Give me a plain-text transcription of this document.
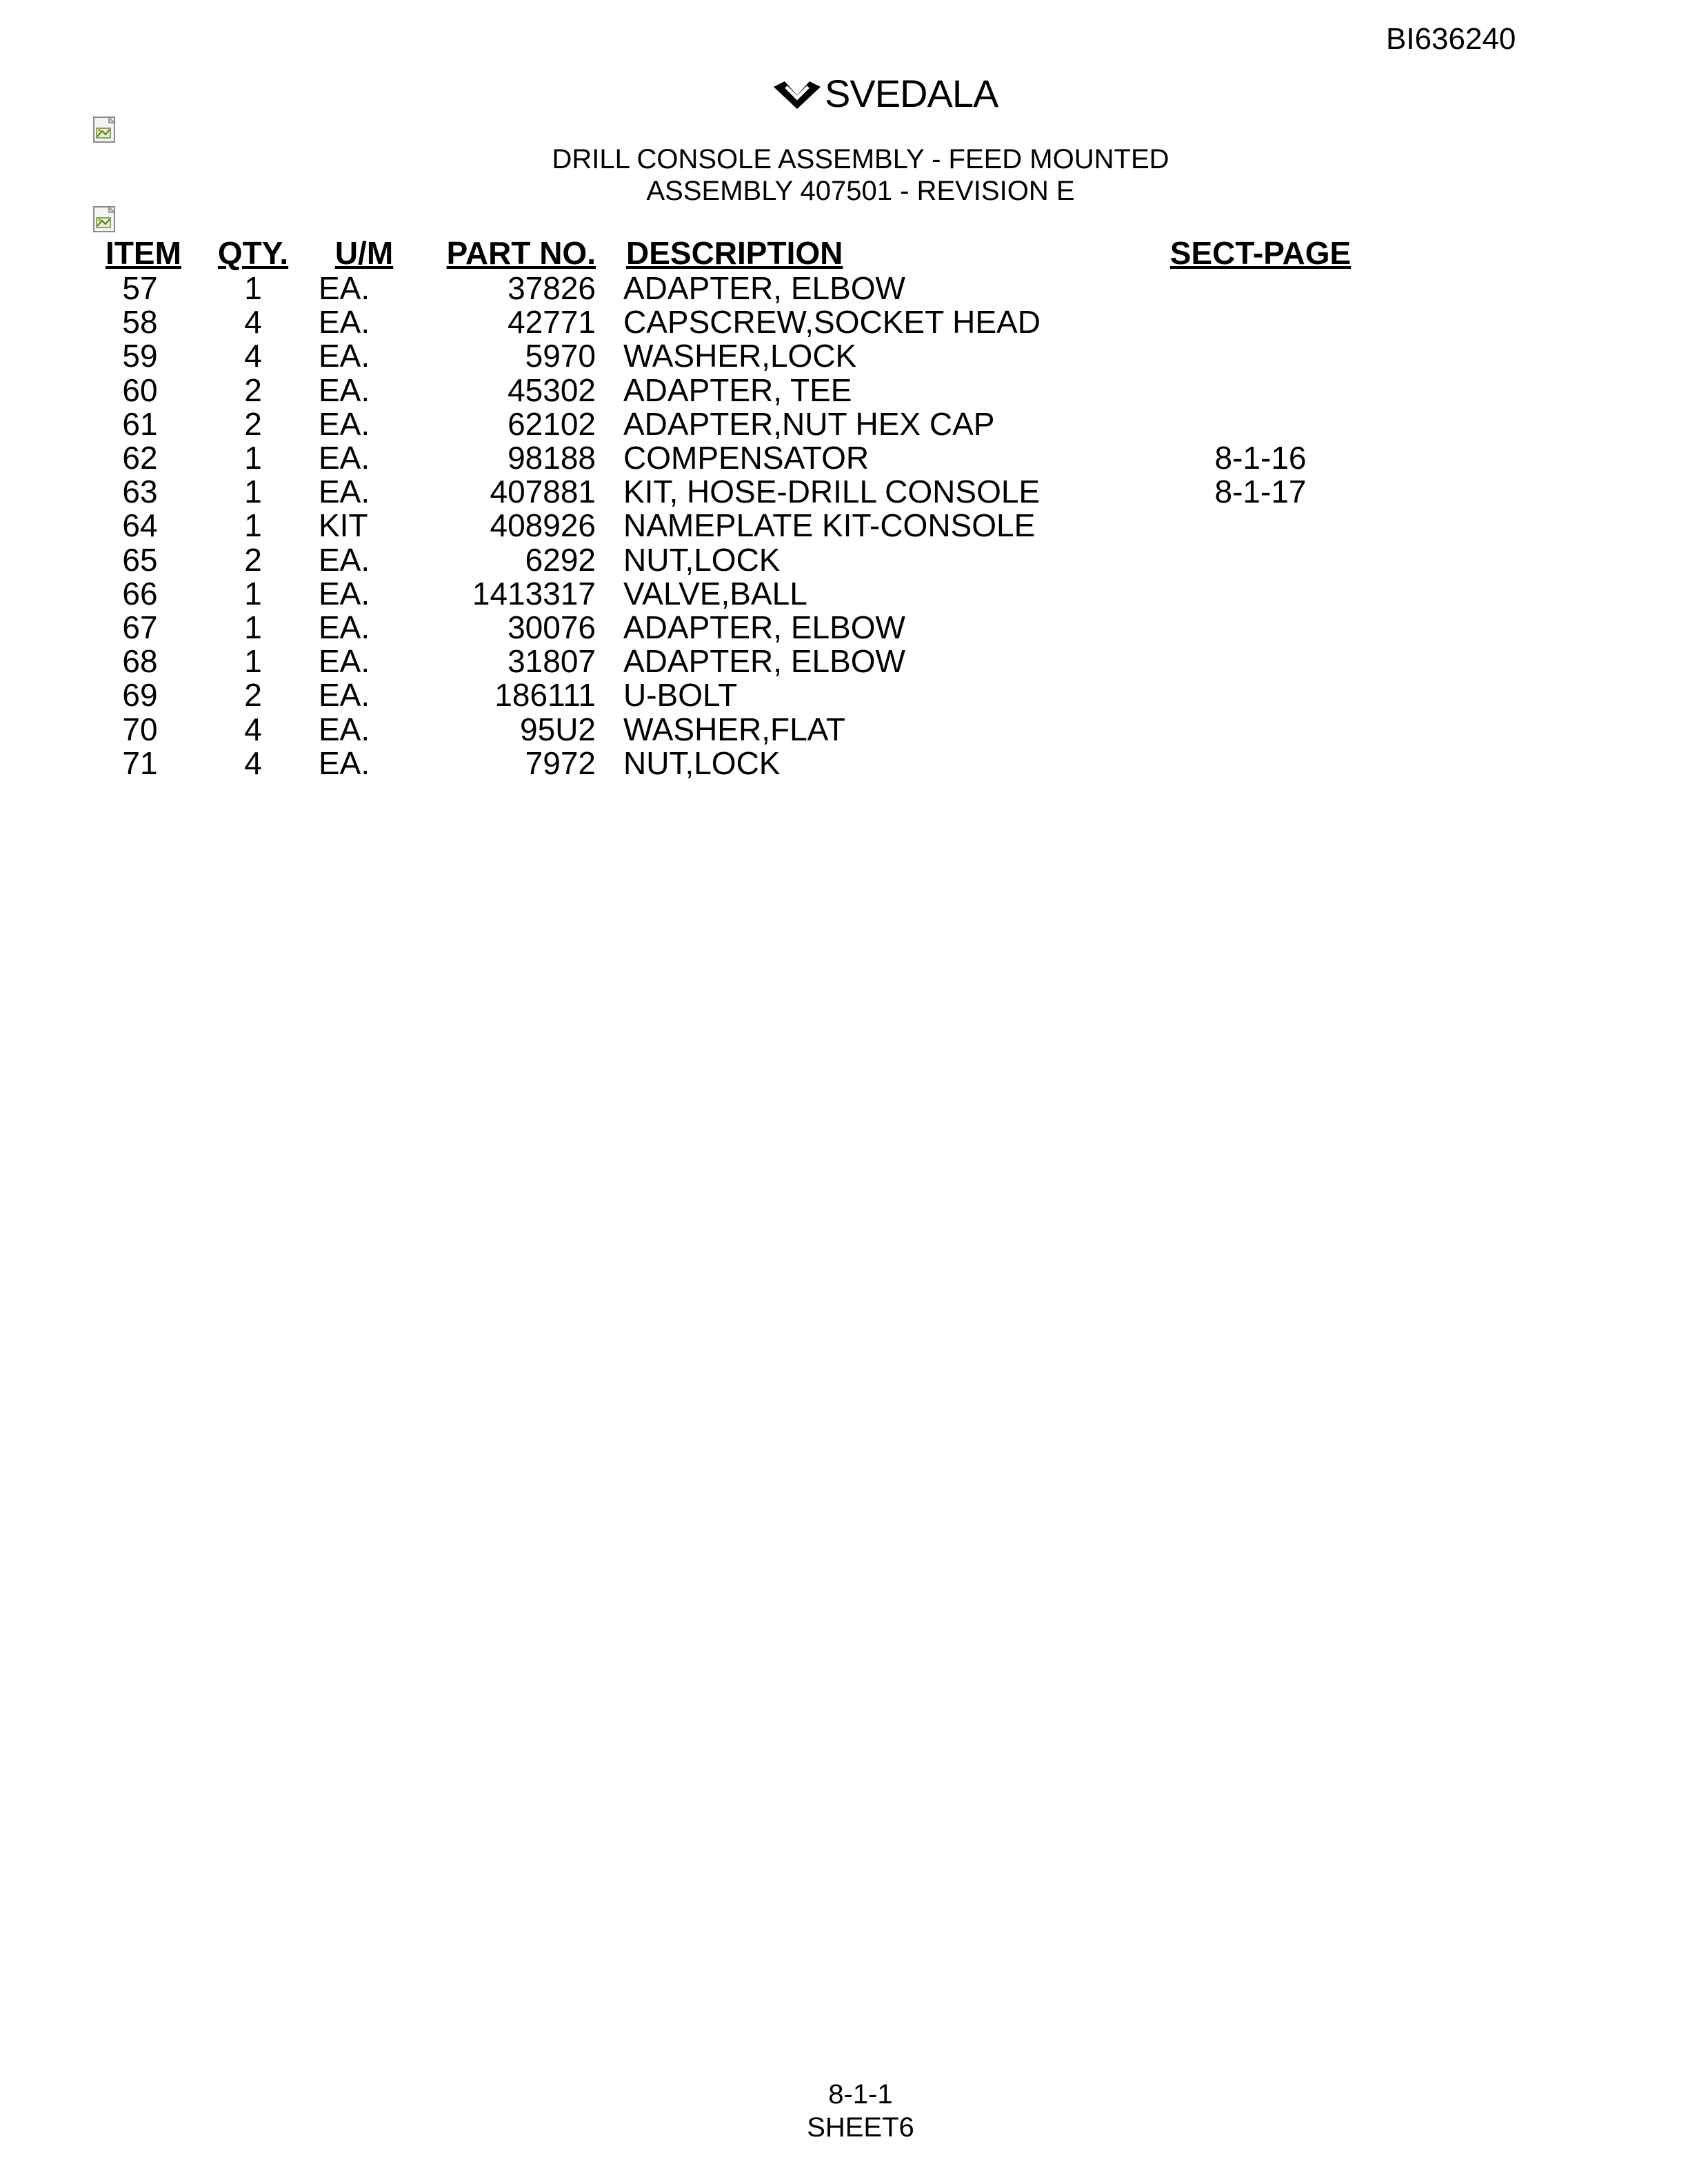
BI636240
SVEDALA
DRILL CONSOLE ASSEMBLY - FEED MOUNTED
ASSEMBLY 407501 - REVISION E
ITEM	QTY.	U/M	PART NO.	DESCRIPTION	SECT-PAGE
57	1	EA.	37826	ADAPTER, ELBOW	
58	4	EA.	42771	CAPSCREW,SOCKET HEAD	
59	4	EA.	5970	WASHER,LOCK	
60	2	EA.	45302	ADAPTER, TEE	
61	2	EA.	62102	ADAPTER,NUT HEX CAP	
62	1	EA.	98188	COMPENSATOR	8-1-16
63	1	EA.	407881	KIT, HOSE-DRILL CONSOLE	8-1-17
64	1	KIT	408926	NAMEPLATE KIT-CONSOLE	
65	2	EA.	6292	NUT,LOCK	
66	1	EA.	1413317	VALVE,BALL	
67	1	EA.	30076	ADAPTER, ELBOW	
68	1	EA.	31807	ADAPTER, ELBOW	
69	2	EA.	186111	U-BOLT	
70	4	EA.	95U2	WASHER,FLAT	
71	4	EA.	7972	NUT,LOCK	
8-1-1
SHEET6
